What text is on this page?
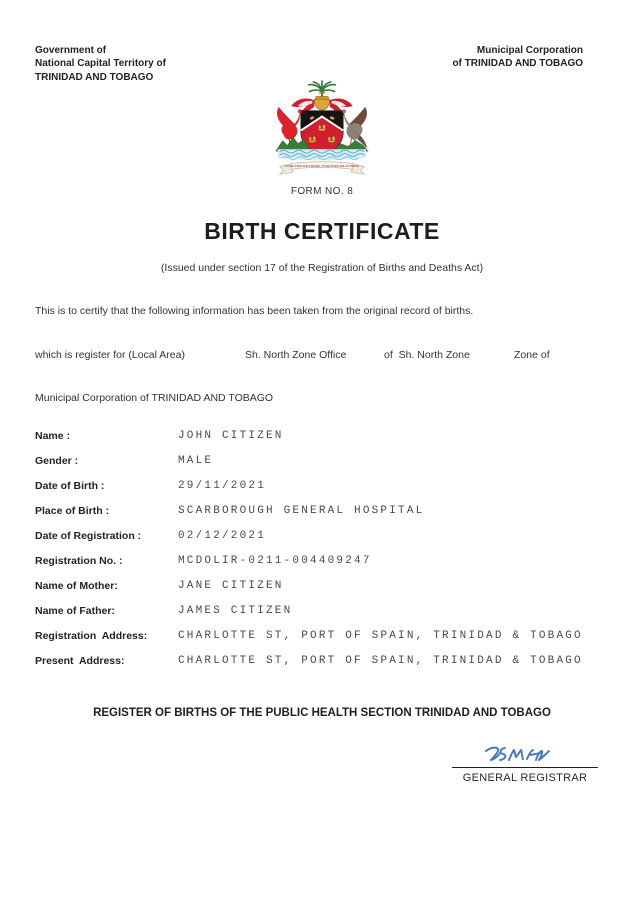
Government of
National Capital Territory of
TRINIDAD AND TOBAGO
Municipal Corporation
of TRINIDAD AND TOBAGO
TOGETHER WE ASPIRE, TOGETHER WE ACHIEVE
FORM NO. 8
BIRTH CERTIFICATE
(Issued under section 17 of the Registration of Births and Deaths Act)
This is to certify that the following information has been taken from the original record of births.
which is register for (Local Area)	Sh. North Zone Office	of  Sh. North Zone	Zone of
Municipal Corporation of TRINIDAD AND TOBAGO
Name :	JOHN CITIZEN
Gender :	MALE
Date of Birth :	29/11/2021
Place of Birth :	SCARBOROUGH GENERAL HOSPITAL
Date of Registration :	02/12/2021
Registration No. :	MCDOLIR-0211-004409247
Name of Mother:	JANE CITIZEN
Name of Father:	JAMES CITIZEN
Registration  Address:	CHARLOTTE ST, PORT OF SPAIN, TRINIDAD & TOBAGO
Present  Address:	CHARLOTTE ST, PORT OF SPAIN, TRINIDAD & TOBAGO
REGISTER OF BIRTHS OF THE PUBLIC HEALTH SECTION TRINIDAD AND TOBAGO
GENERAL REGISTRAR
